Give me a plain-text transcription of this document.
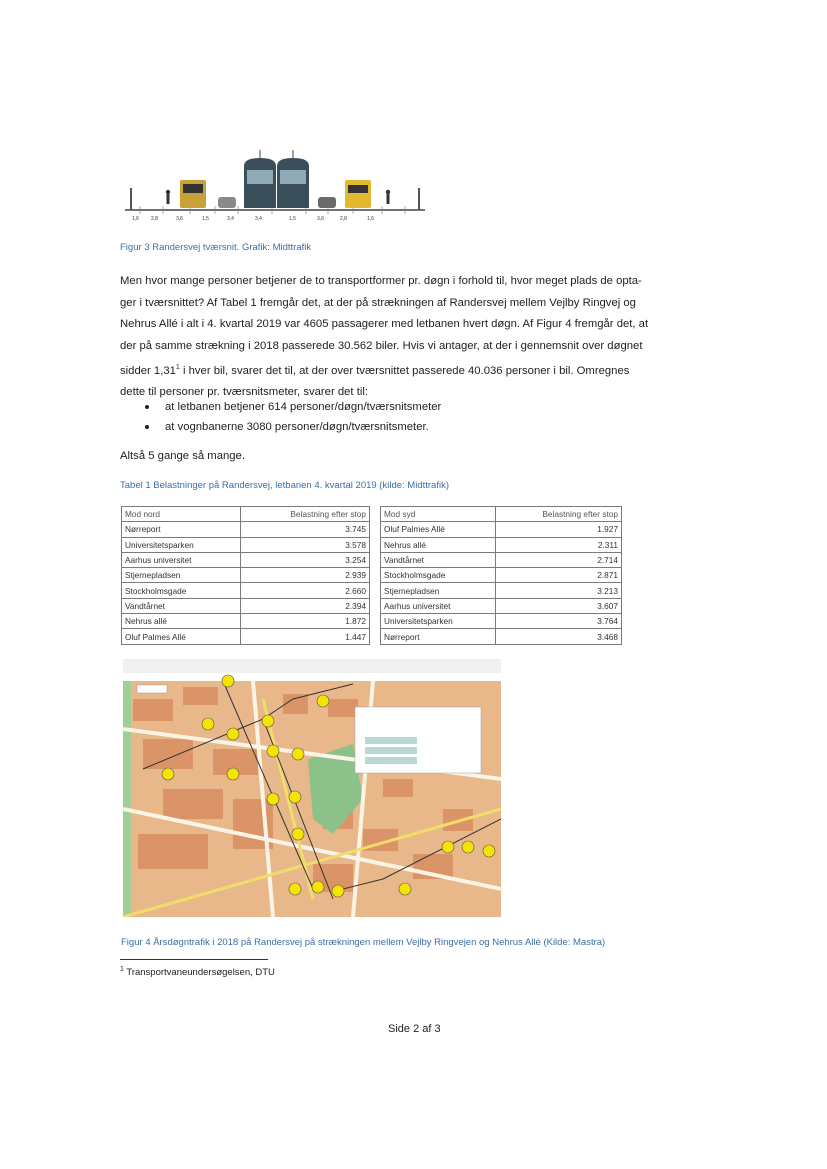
1,6 2,8	3,6	1,5	3,4	3,4	1,5	3,6	2,8	1,6
Figur 3 Randersvej tværsnit. Grafik: Midttrafik
Men hvor mange personer betjener de to transportformer pr. døgn i forhold til, hvor meget plads de opta-
ger i tværsnittet? Af Tabel 1 fremgår det, at der på strækningen af Randersvej mellem Vejlby Ringvej og
Nehrus Allé i alt i 4. kvartal 2019 var 4605 passagerer med letbanen hvert døgn. Af Figur 4 fremgår det, at
der på samme strækning i 2018 passerede 30.562 biler. Hvis vi antager, at der i gennemsnit over døgnet
sidder 1,31$^1$ i hver bil, svarer det til, at der over tværsnittet passerede 40.036 personer i bil. Omregnes
dette til personer pr. tværsnitsmeter, svarer det til:
at letbanen betjener 614 personer/døgn/tværsnitsmeter
at vognbanerne 3080 personer/døgn/tværsnitsmeter.
Altså 5 gange så mange.
Tabel 1 Belastninger på Randersvej, letbanen 4. kvartal 2019 (kilde: Midttrafik)
Mod nord	Belastning efter stop
Nørreport	3.745
Universitetsparken	3.578
Aarhus universitet	3.254
Stjernepladsen	2.939
Stockholmsgade	2.660
Vandtårnet	2.394
Nehrus allé	1.872
Oluf Palmes Allé	1.447
Mod syd	Belastning efter stop
Oluf Palmes Allé	1.927
Nehrus allé	2.311
Vandtårnet	2.714
Stockholmsgade	2.871
Stjernepladsen	3.213
Aarhus universitet	3.607
Universitetsparken	3.764
Nørreport	3.468
Figur 4 Årsdøgntrafik i 2018 på Randersvej på strækningen mellem Vejlby Ringvejen og Nehrus Allé (Kilde: Mastra)
$^1$ Transportvaneundersøgelsen, DTU
Side 2 af 3
